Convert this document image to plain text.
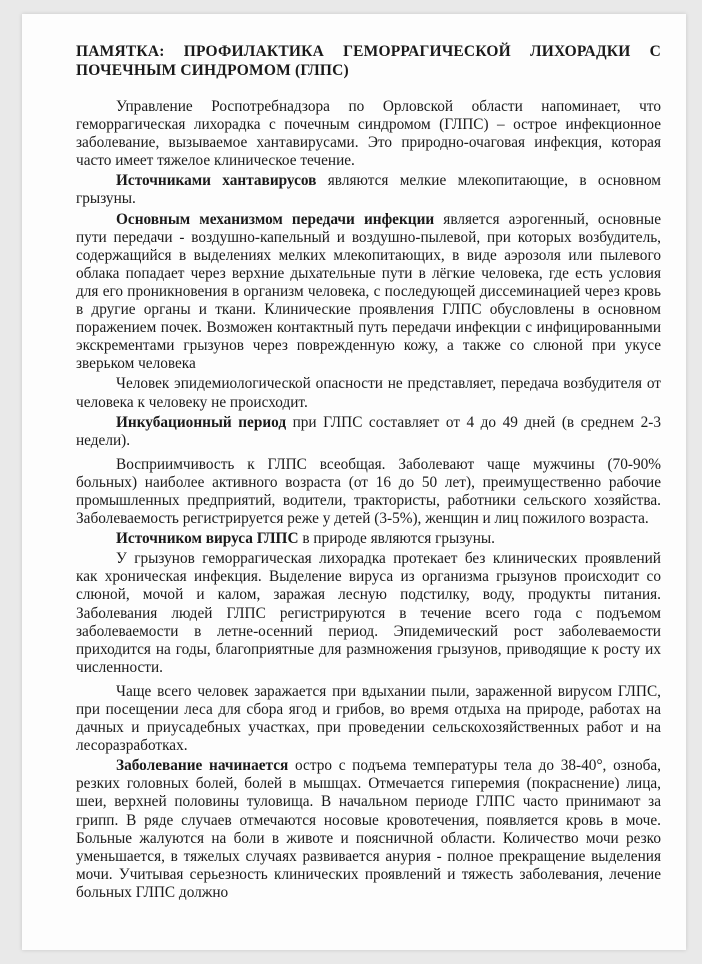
ПАМЯТКА: ПРОФИЛАКТИКА ГЕМОРРАГИЧЕСКОЙ ЛИХОРАДКИ С ПОЧЕЧНЫМ СИНДРОМОМ (ГЛПС)

Управление Роспотребнадзора по Орловской области напоминает, что геморрагическая лихорадка с почечным синдромом (ГЛПС) – острое инфекционное заболевание, вызываемое хантавирусами. Это природно-очаговая инфекция, которая часто имеет тяжелое клиническое течение.

Источниками хантавирусов являются мелкие млекопитающие, в основном грызуны.

Основным механизмом передачи инфекции является аэрогенный, основные пути передачи - воздушно-капельный и воздушно-пылевой, при которых возбудитель, содержащийся в выделениях мелких млекопитающих, в виде аэрозоля или пылевого облака попадает через верхние дыхательные пути в лёгкие человека, где есть условия для его проникновения в организм человека, с последующей диссеминацией через кровь в другие органы и ткани. Клинические проявления ГЛПС обусловлены в основном поражением почек. Возможен контактный путь передачи инфекции с инфицированными экскрементами грызунов через поврежденную кожу, а также со слюной при укусе зверьком человека

Человек эпидемиологической опасности не представляет, передача возбудителя от человека к человеку не происходит.

Инкубационный период при ГЛПС составляет от 4 до 49 дней (в среднем 2-3 недели).

Восприимчивость к ГЛПС всеобщая. Заболевают чаще мужчины (70-90% больных) наиболее активного возраста (от 16 до 50 лет), преимущественно рабочие промышленных предприятий, водители, трактористы, работники сельского хозяйства. Заболеваемость регистрируется реже у детей (3-5%), женщин и лиц пожилого возраста.

Источником вируса ГЛПС в природе являются грызуны.

У грызунов геморрагическая лихорадка протекает без клинических проявлений как хроническая инфекция. Выделение вируса из организма грызунов происходит со слюной, мочой и калом, заражая лесную подстилку, воду, продукты питания. Заболевания людей ГЛПС регистрируются в течение всего года с подъемом заболеваемости в летне-осенний период. Эпидемический рост заболеваемости приходится на годы, благоприятные для размножения грызунов, приводящие к росту их численности.

Чаще всего человек заражается при вдыхании пыли, зараженной вирусом ГЛПС, при посещении леса для сбора ягод и грибов, во время отдыха на природе, работах на дачных и приусадебных участках, при проведении сельскохозяйственных работ и на лесоразработках.

Заболевание начинается остро с подъема температуры тела до 38-40°, озноба, резких головных болей, болей в мышцах. Отмечается гиперемия (покраснение) лица, шеи, верхней половины туловища. В начальном периоде ГЛПС часто принимают за грипп. В ряде случаев отмечаются носовые кровотечения, появляется кровь в моче. Больные жалуются на боли в животе и поясничной области. Количество мочи резко уменьшается, в тяжелых случаях развивается анурия - полное прекращение выделения мочи. Учитывая серьезность клинических проявлений и тяжесть заболевания, лечение больных ГЛПС должно
